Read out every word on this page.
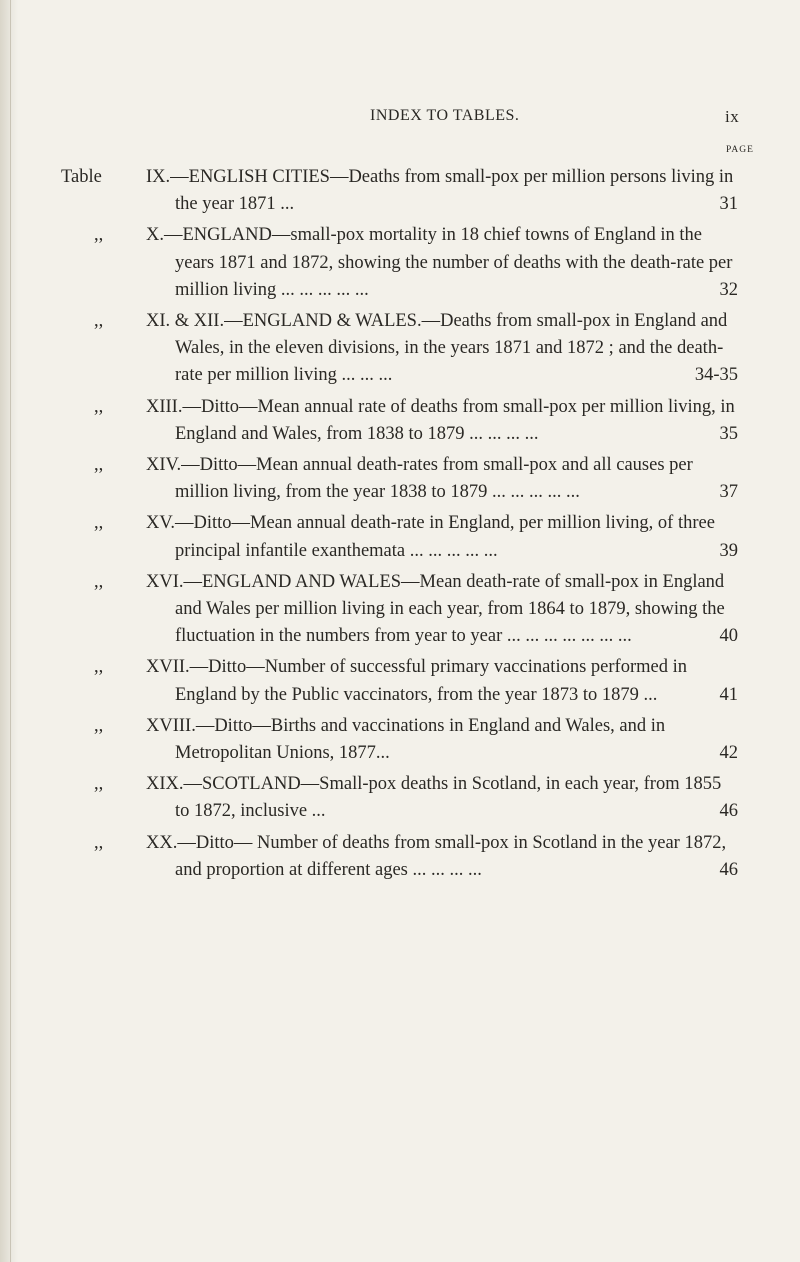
INDEX TO TABLES.	ix
PAGE
Table IX.—ENGLISH CITIES—Deaths from small-pox per million persons living in the year 1871 ...	31
,, X.—ENGLAND—small-pox mortality in 18 chief towns of England in the years 1871 and 1872, showing the number of deaths with the death-rate per million living ... ... ... ... ...	32
,, XI. & XII.—ENGLAND & WALES.—Deaths from small-pox in England and Wales, in the eleven divisions, in the years 1871 and 1872 ; and the death-rate per million living ... ... ...	34-35
,, XIII.—Ditto—Mean annual rate of deaths from small-pox per million living, in England and Wales, from 1838 to 1879 ... ... ... ...	35
,, XIV.—Ditto—Mean annual death-rates from small-pox and all causes per million living, from the year 1838 to 1879 ... ... ... ... ...	37
,, XV.—Ditto—Mean annual death-rate in England, per million living, of three principal infantile exanthemata ... ... ... ... ...	39
,, XVI.—ENGLAND AND WALES—Mean death-rate of small-pox in England and Wales per million living in each year, from 1864 to 1879, showing the fluctuation in the numbers from year to year ... ... ... ... ... ... ...	40
,, XVII.—Ditto—Number of successful primary vaccinations performed in England by the Public vaccinators, from the year 1873 to 1879 ...	41
,, XVIII.—Ditto—Births and vaccinations in England and Wales, and in Metropolitan Unions, 1877...	42
,, XIX.—SCOTLAND—Small-pox deaths in Scotland, in each year, from 1855 to 1872, inclusive ...	46
,, XX.—Ditto— Number of deaths from small-pox in Scotland in the year 1872, and proportion at different ages ... ... ... ...	46
